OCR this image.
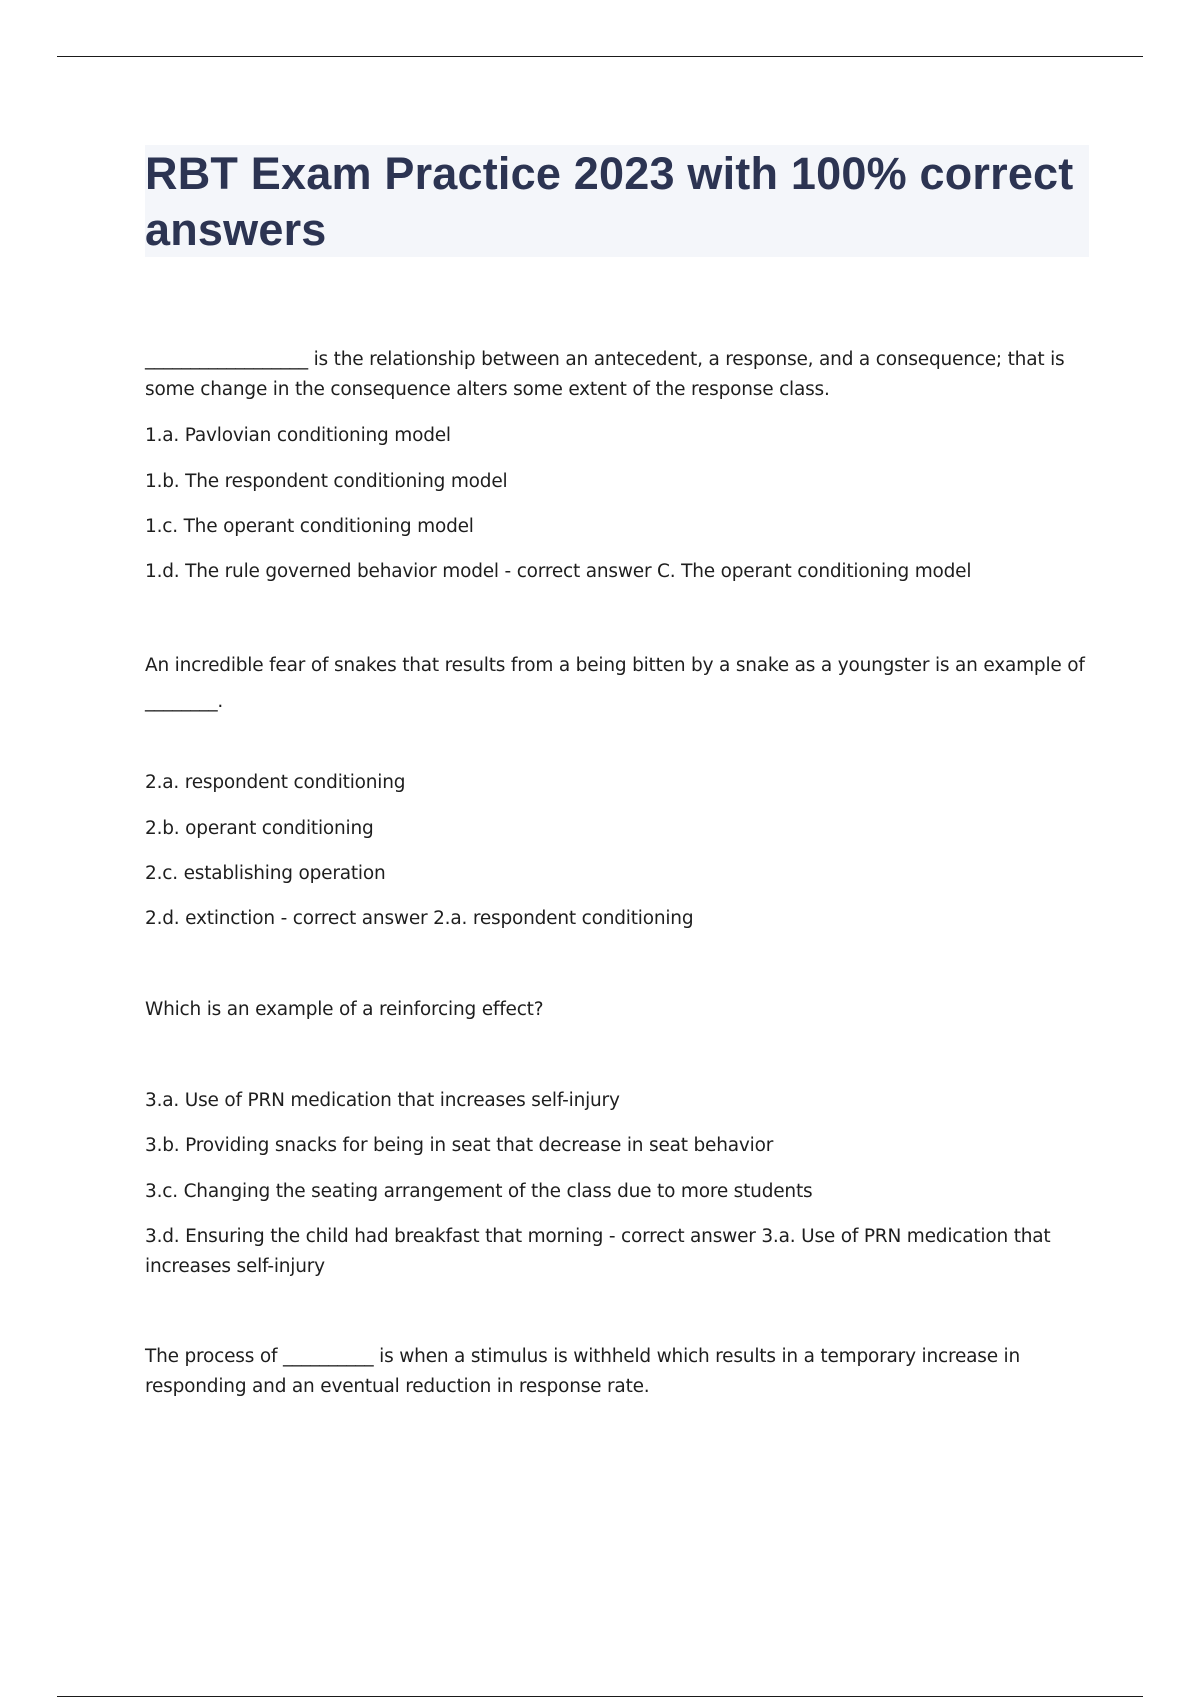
RBT Exam Practice 2023 with 100% correct answers

__________________ is the relationship between an antecedent, a response, and a consequence; that is some change in the consequence alters some extent of the response class.

1.a. Pavlovian conditioning model

1.b. The respondent conditioning model

1.c. The operant conditioning model

1.d. The rule governed behavior model - correct answer C. The operant conditioning model

An incredible fear of snakes that results from a being bitten by a snake as a youngster is an example of ________.

2.a. respondent conditioning

2.b. operant conditioning

2.c. establishing operation

2.d. extinction - correct answer 2.a. respondent conditioning

Which is an example of a reinforcing effect?

3.a. Use of PRN medication that increases self-injury

3.b. Providing snacks for being in seat that decrease in seat behavior

3.c. Changing the seating arrangement of the class due to more students

3.d. Ensuring the child had breakfast that morning - correct answer 3.a. Use of PRN medication that increases self-injury

The process of __________ is when a stimulus is withheld which results in a temporary increase in responding and an eventual reduction in response rate.
